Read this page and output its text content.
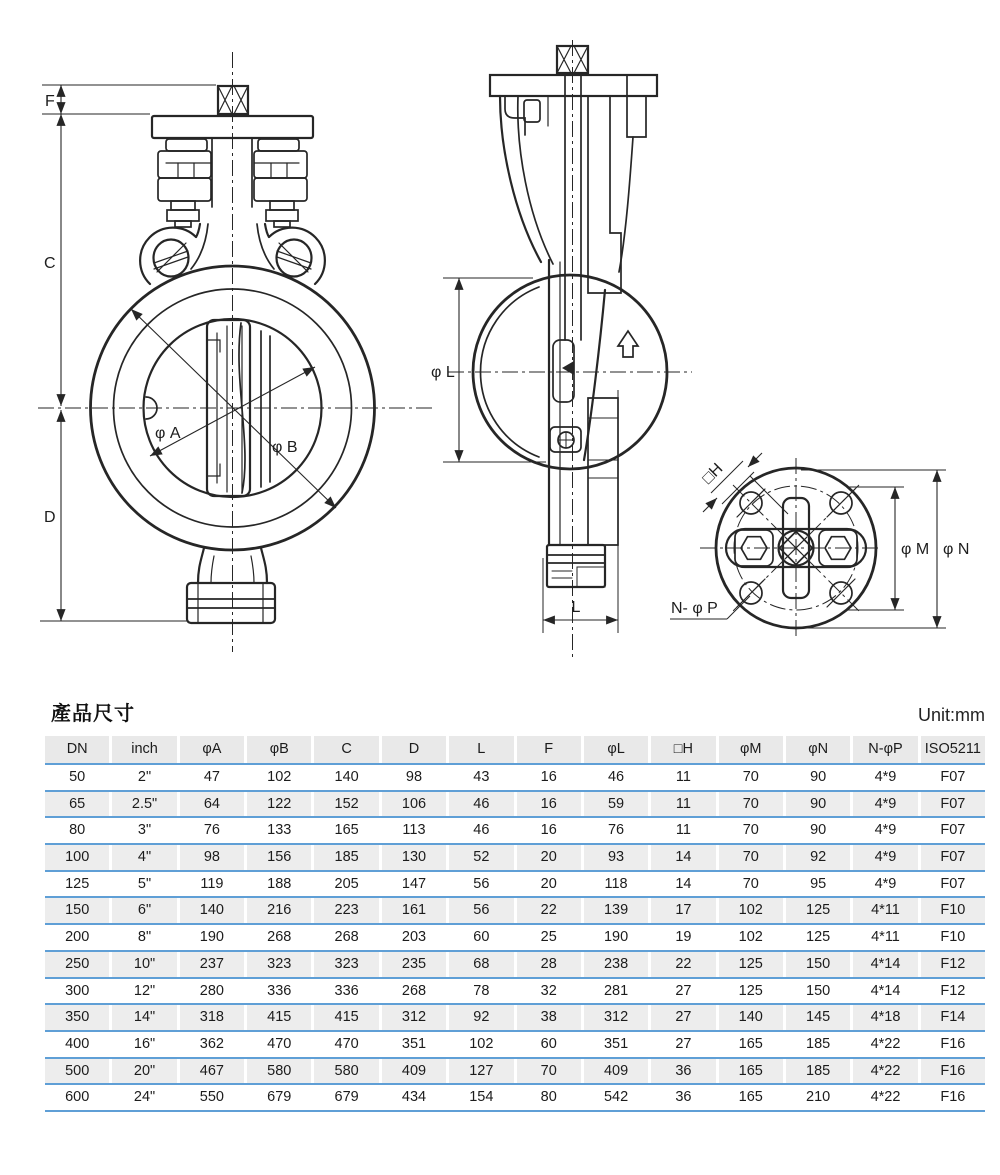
φ A
φ B
F
C
D
φ L
L
□H
N- φ P
φ M φ N
產品尺寸	Unit:mm
DN	inch	φA	φB	C	D	L	F	φL	□H	φM	φN	N-φP	ISO5211
50	2"	47	102	140	98	43	16	46	11	70	90	4*9	F07
65	2.5"	64	122	152	106	46	16	59	11	70	90	4*9	F07
80	3"	76	133	165	113	46	16	76	11	70	90	4*9	F07
100	4"	98	156	185	130	52	20	93	14	70	92	4*9	F07
125	5"	119	188	205	147	56	20	118	14	70	95	4*9	F07
150	6"	140	216	223	161	56	22	139	17	102	125	4*11	F10
200	8"	190	268	268	203	60	25	190	19	102	125	4*11	F10
250	10"	237	323	323	235	68	28	238	22	125	150	4*14	F12
300	12"	280	336	336	268	78	32	281	27	125	150	4*14	F12
350	14"	318	415	415	312	92	38	312	27	140	145	4*18	F14
400	16"	362	470	470	351	102	60	351	27	165	185	4*22	F16
500	20"	467	580	580	409	127	70	409	36	165	185	4*22	F16
600	24"	550	679	679	434	154	80	542	36	165	210	4*22	F16
